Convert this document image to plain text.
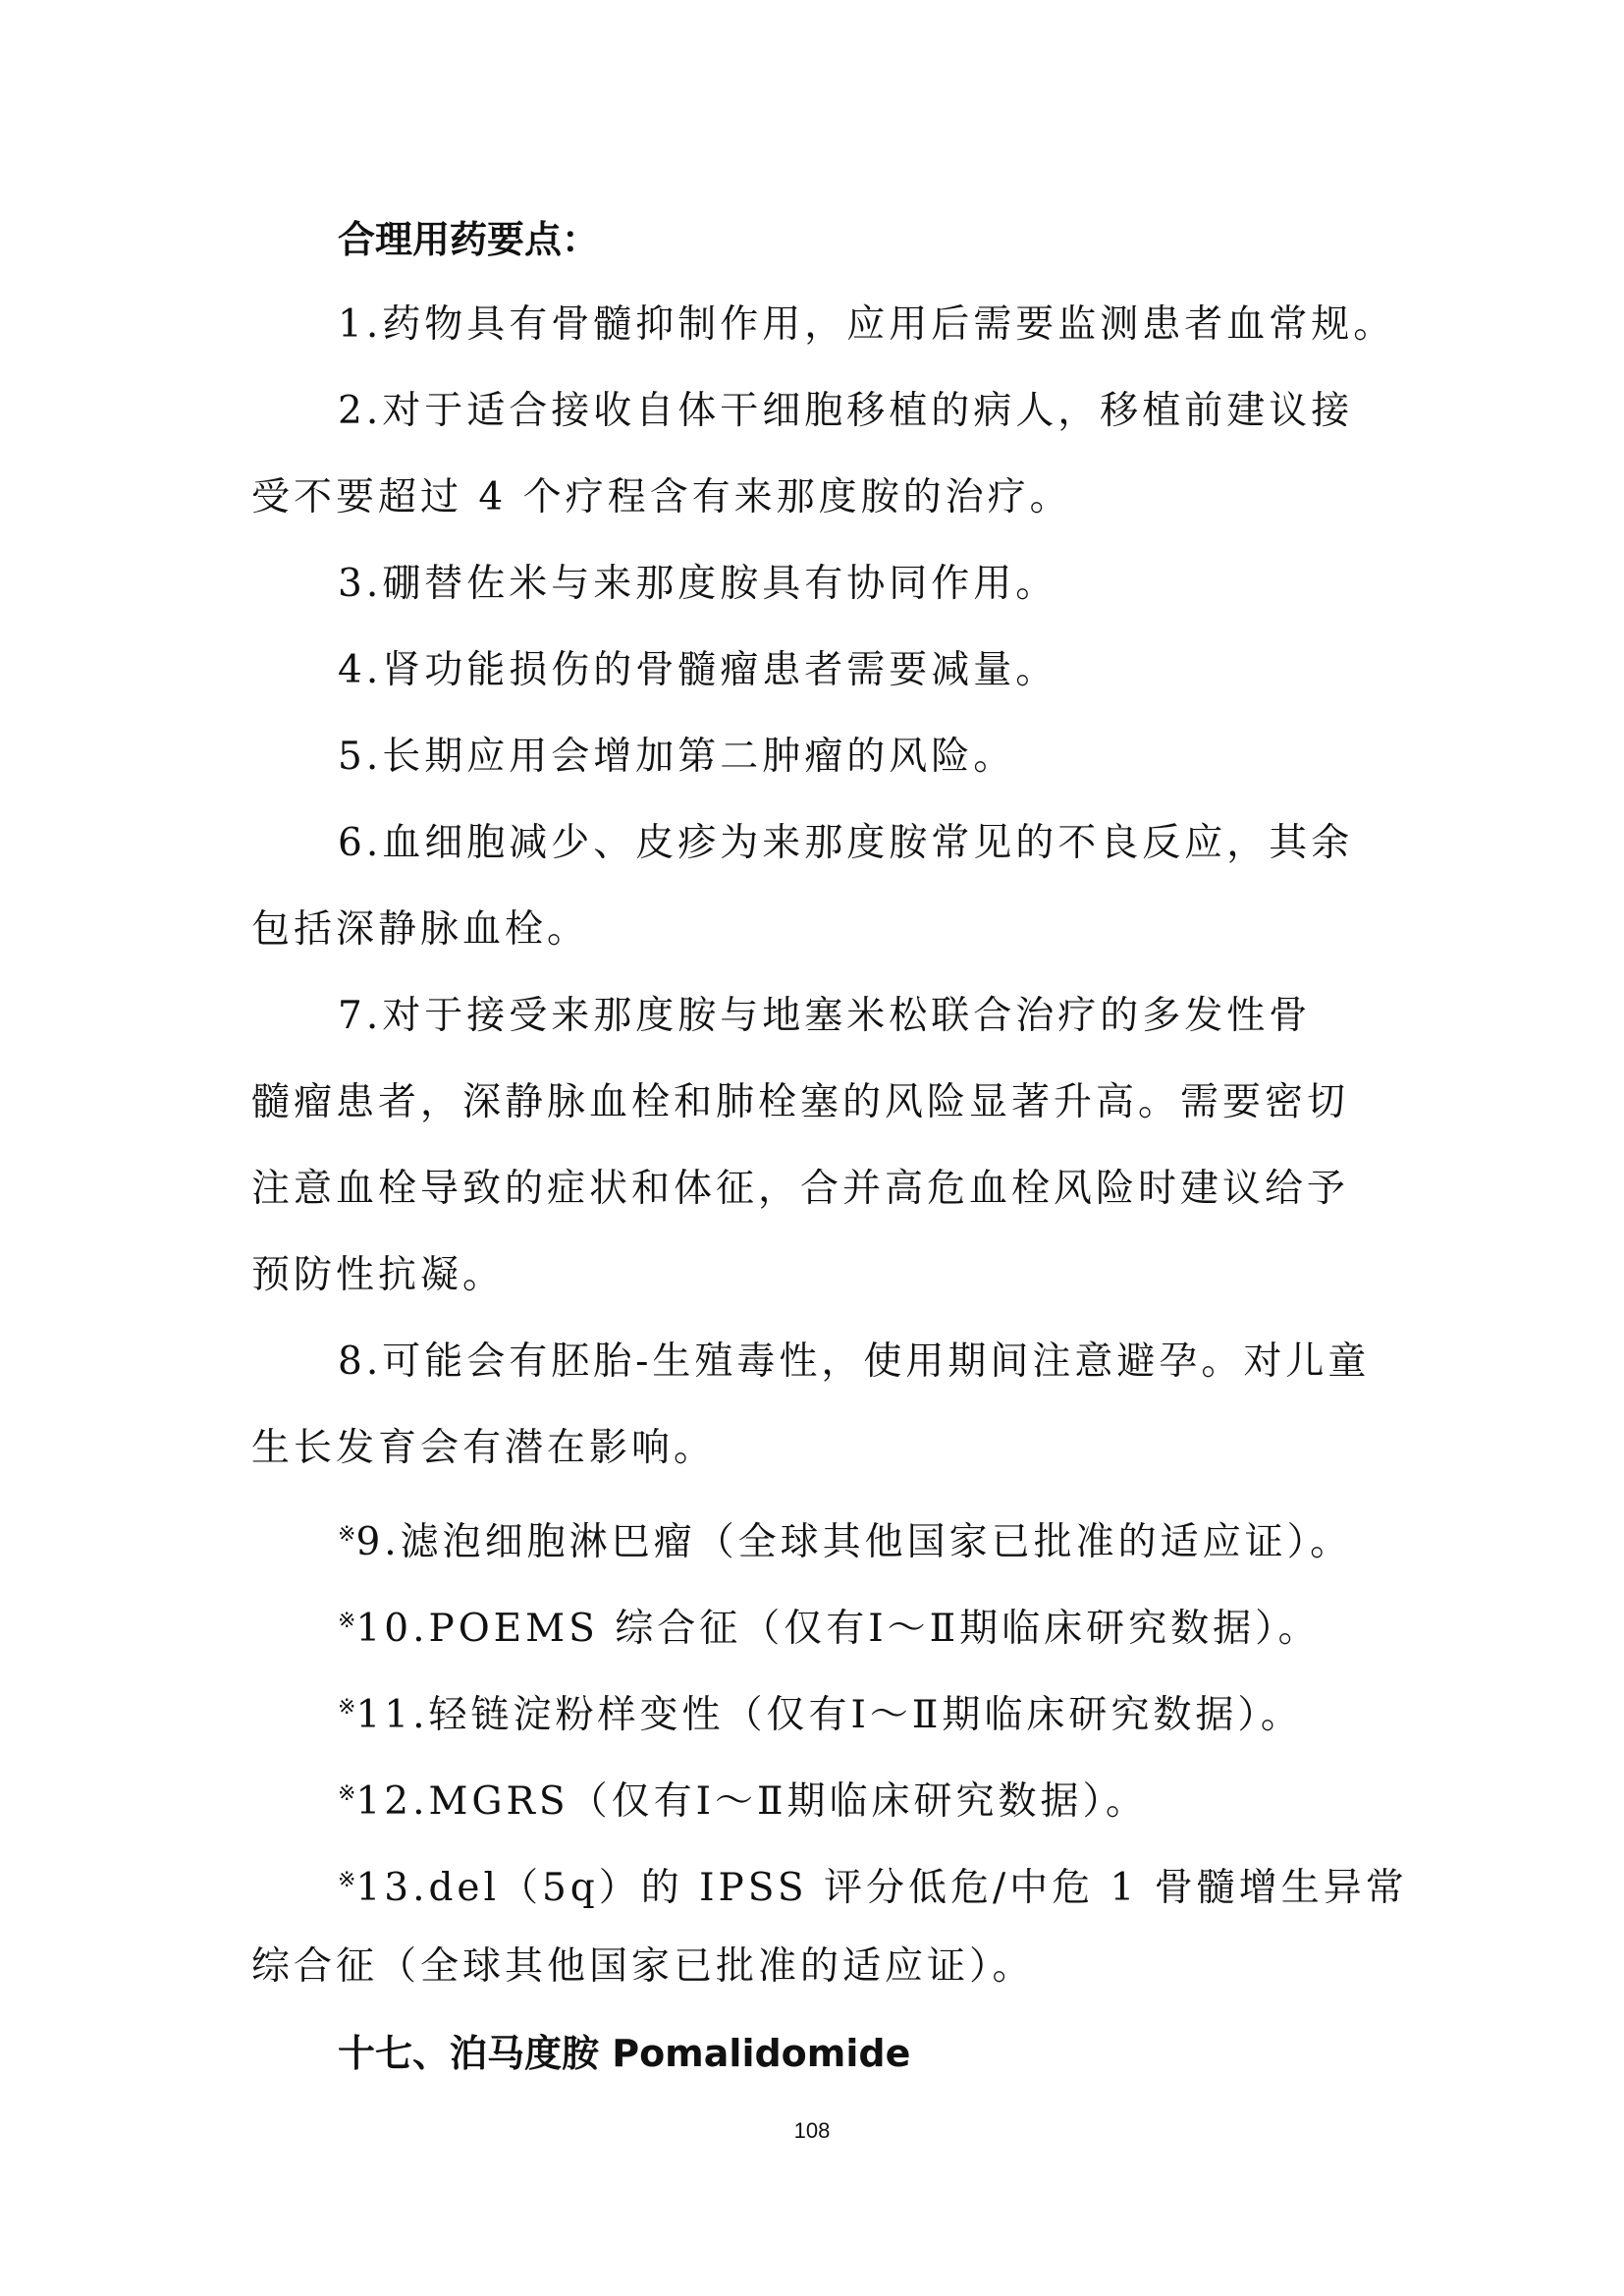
合理用药要点：
1.药物具有骨髓抑制作用，应用后需要监测患者血常规。
2.对于适合接收自体干细胞移植的病人，移植前建议接
受不要超过 4 个疗程含有来那度胺的治疗。
3.硼替佐米与来那度胺具有协同作用。
4.肾功能损伤的骨髓瘤患者需要减量。
5.长期应用会增加第二肿瘤的风险。
6.血细胞减少、皮疹为来那度胺常见的不良反应，其余
包括深静脉血栓。
7.对于接受来那度胺与地塞米松联合治疗的多发性骨
髓瘤患者，深静脉血栓和肺栓塞的风险显著升高。需要密切
注意血栓导致的症状和体征，合并高危血栓风险时建议给予
预防性抗凝。
8.可能会有胚胎-生殖毒性，使用期间注意避孕。对儿童
生长发育会有潜在影响。
※9.滤泡细胞淋巴瘤（全球其他国家已批准的适应证）。
※10.POEMS 综合征（仅有Ⅰ～Ⅱ期临床研究数据）。
※11.轻链淀粉样变性（仅有Ⅰ～Ⅱ期临床研究数据）。
※12.MGRS（仅有Ⅰ～Ⅱ期临床研究数据）。
※13.del（5q）的 IPSS 评分低危/中危 1 骨髓增生异常
综合征（全球其他国家已批准的适应证）。
十七、泊马度胺 Pomalidomide
108
